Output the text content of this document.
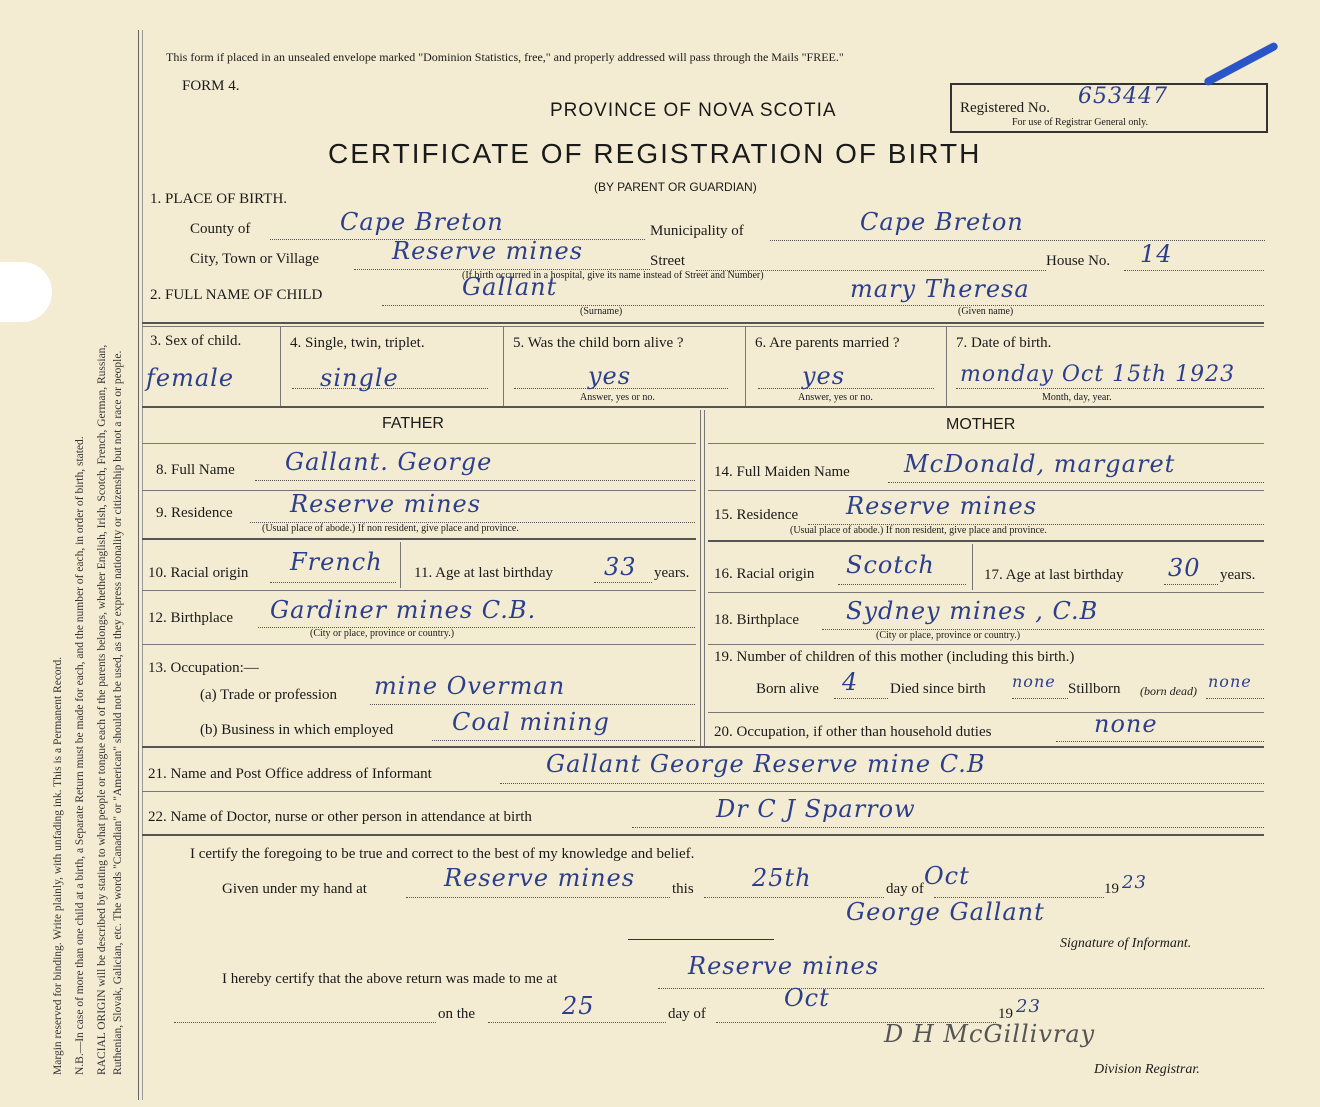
Margin reserved for binding. Write plainly, with unfading ink. This is a Permanent Record. N.B.—In case of more than one child at a birth, a Separate Return must be made for each, and the number of each, in order of birth, stated. RACIAL ORIGIN will be described by stating to what people or tongue each of the parents belongs, whether English, Irish, Scotch, French, German, Russian, Ruthenian, Slovak, Galician, etc. The words "Canadian" or "American" should not be used, as they express nationality or citizenship but not a race or people.
This form if placed in an unsealed envelope marked "Dominion Statistics, free," and properly addressed will pass through the Mails "FREE."
FORM 4.
PROVINCE OF NOVA SCOTIA
CERTIFICATE OF REGISTRATION OF BIRTH
(BY PARENT OR GUARDIAN)
Registered No. 653447
For use of Registrar General only.
1. PLACE OF BIRTH.
County of	Cape Breton	Municipality of	Cape Breton
City, Town or Village	Reserve mines	Street	House No. 14
(If birth occurred in a hospital, give its name instead of Street and Number)
2. FULL NAME OF CHILD	Gallant	mary Theresa
(Surname)	(Given name)
3. Sex of child.
female
4. Single, twin, triplet.
single
5. Was the child born alive ?
yes
Answer, yes or no.
6. Are parents married ?
yes
Answer, yes or no.
7. Date of birth.
monday Oct 15th 1923
Month, day, year.
FATHER
8. Full Name Gallant. George
9. Residence Reserve mines
(Usual place of abode.) If non resident, give place and province.
10. Racial origin French 11. Age at last birthday 33 years.
12. Birthplace Gardiner mines C.B.
(City or place, province or country.)
13. Occupation:—
(a) Trade or profession mine Overman
(b) Business in which employed Coal mining
MOTHER
14. Full Maiden Name McDonald, margaret
15. Residence Reserve mines
(Usual place of abode.) If non resident, give place and province.
16. Racial origin Scotch	17. Age at last birthday 30 years.
18. Birthplace Sydney mines , C.B
(City or place, province or country.)
19. Number of children of this mother (including this birth.)
Born alive 4 Died since birth none Stillborn (born dead) none
20. Occupation, if other than household duties	none
21. Name and Post Office address of Informant	Gallant George Reserve mine C.B
22. Name of Doctor, nurse or other person in attendance at birth	Dr C J Sparrow
I certify the foregoing to be true and correct to the best of my knowledge and belief.
Given under my hand at	Reserve mines this 25th	day of Oct	19 23
George Gallant
Signature of Informant.
I hereby certify that the above return was made to me at	Reserve mines
on the	25	day of
Oct
19 23
D H McGillivray
Division Registrar.
